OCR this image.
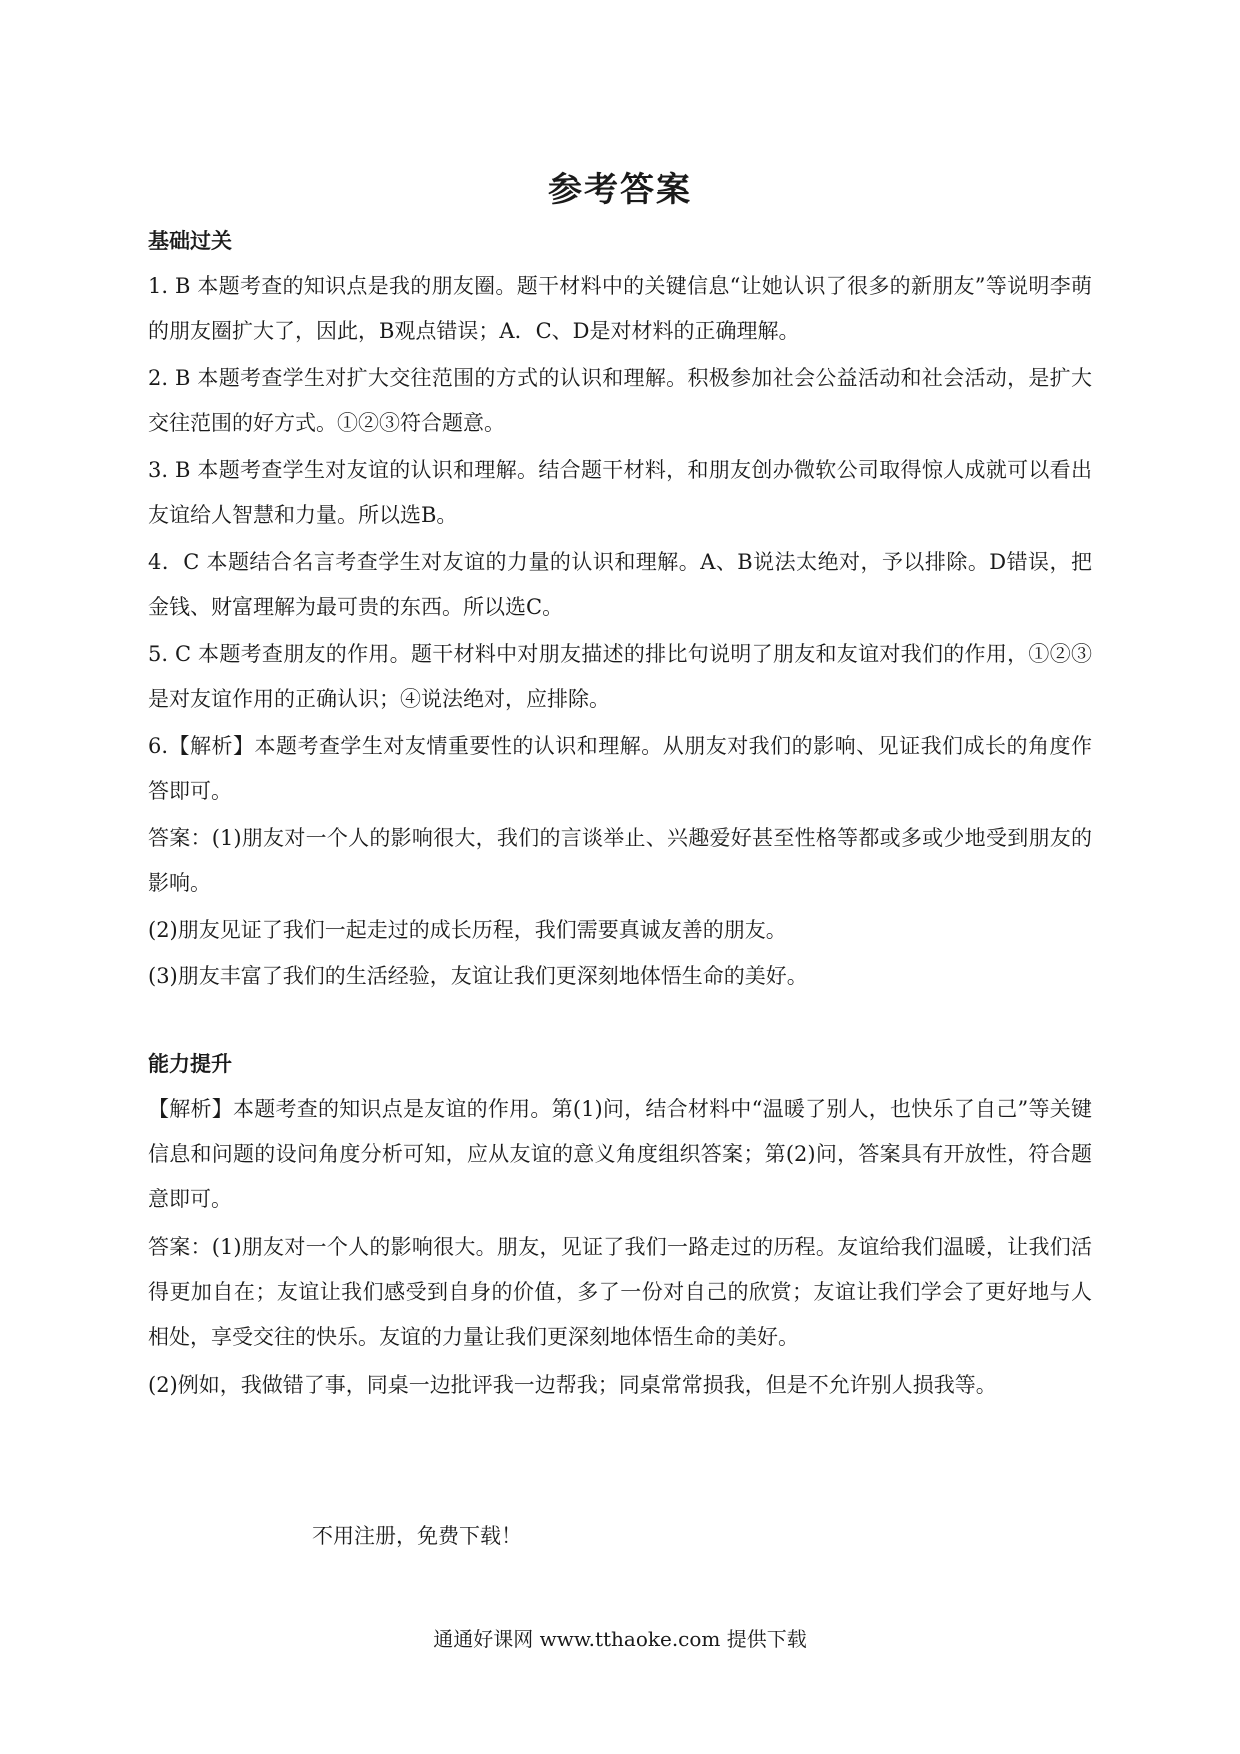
参考答案
基础过关
1. B 本题考查的知识点是我的朋友圈。题干材料中的关键信息“让她认识了很多的新朋友”等说明李萌的朋友圈扩大了，因此，B观点错误；A．C、D是对材料的正确理解。
2. B 本题考查学生对扩大交往范围的方式的认识和理解。积极参加社会公益活动和社会活动，是扩大交往范围的好方式。①②③符合题意。
3. B 本题考查学生对友谊的认识和理解。结合题干材料，和朋友创办微软公司取得惊人成就可以看出友谊给人智慧和力量。所以选B。
4．C 本题结合名言考查学生对友谊的力量的认识和理解。A、B说法太绝对，予以排除。D错误，把金钱、财富理解为最可贵的东西。所以选C。
5. C 本题考查朋友的作用。题干材料中对朋友描述的排比句说明了朋友和友谊对我们的作用，①②③是对友谊作用的正确认识；④说法绝对，应排除。
6.【解析】本题考查学生对友情重要性的认识和理解。从朋友对我们的影响、见证我们成长的角度作答即可。
答案：(1)朋友对一个人的影响很大，我们的言谈举止、兴趣爱好甚至性格等都或多或少地受到朋友的影响。
(2)朋友见证了我们一起走过的成长历程，我们需要真诚友善的朋友。
(3)朋友丰富了我们的生活经验，友谊让我们更深刻地体悟生命的美好。
能力提升
【解析】本题考查的知识点是友谊的作用。第(1)问，结合材料中“温暖了别人，也快乐了自己”等关键信息和问题的设问角度分析可知，应从友谊的意义角度组织答案；第(2)问，答案具有开放性，符合题意即可。
答案：(1)朋友对一个人的影响很大。朋友，见证了我们一路走过的历程。友谊给我们温暖，让我们活得更加自在；友谊让我们感受到自身的价值，多了一份对自己的欣赏；友谊让我们学会了更好地与人相处，享受交往的快乐。友谊的力量让我们更深刻地体悟生命的美好。
(2)例如，我做错了事，同桌一边批评我一边帮我；同桌常常损我，但是不允许别人损我等。
不用注册，免费下载！
通通好课网 www.tthaoke.com 提供下载
